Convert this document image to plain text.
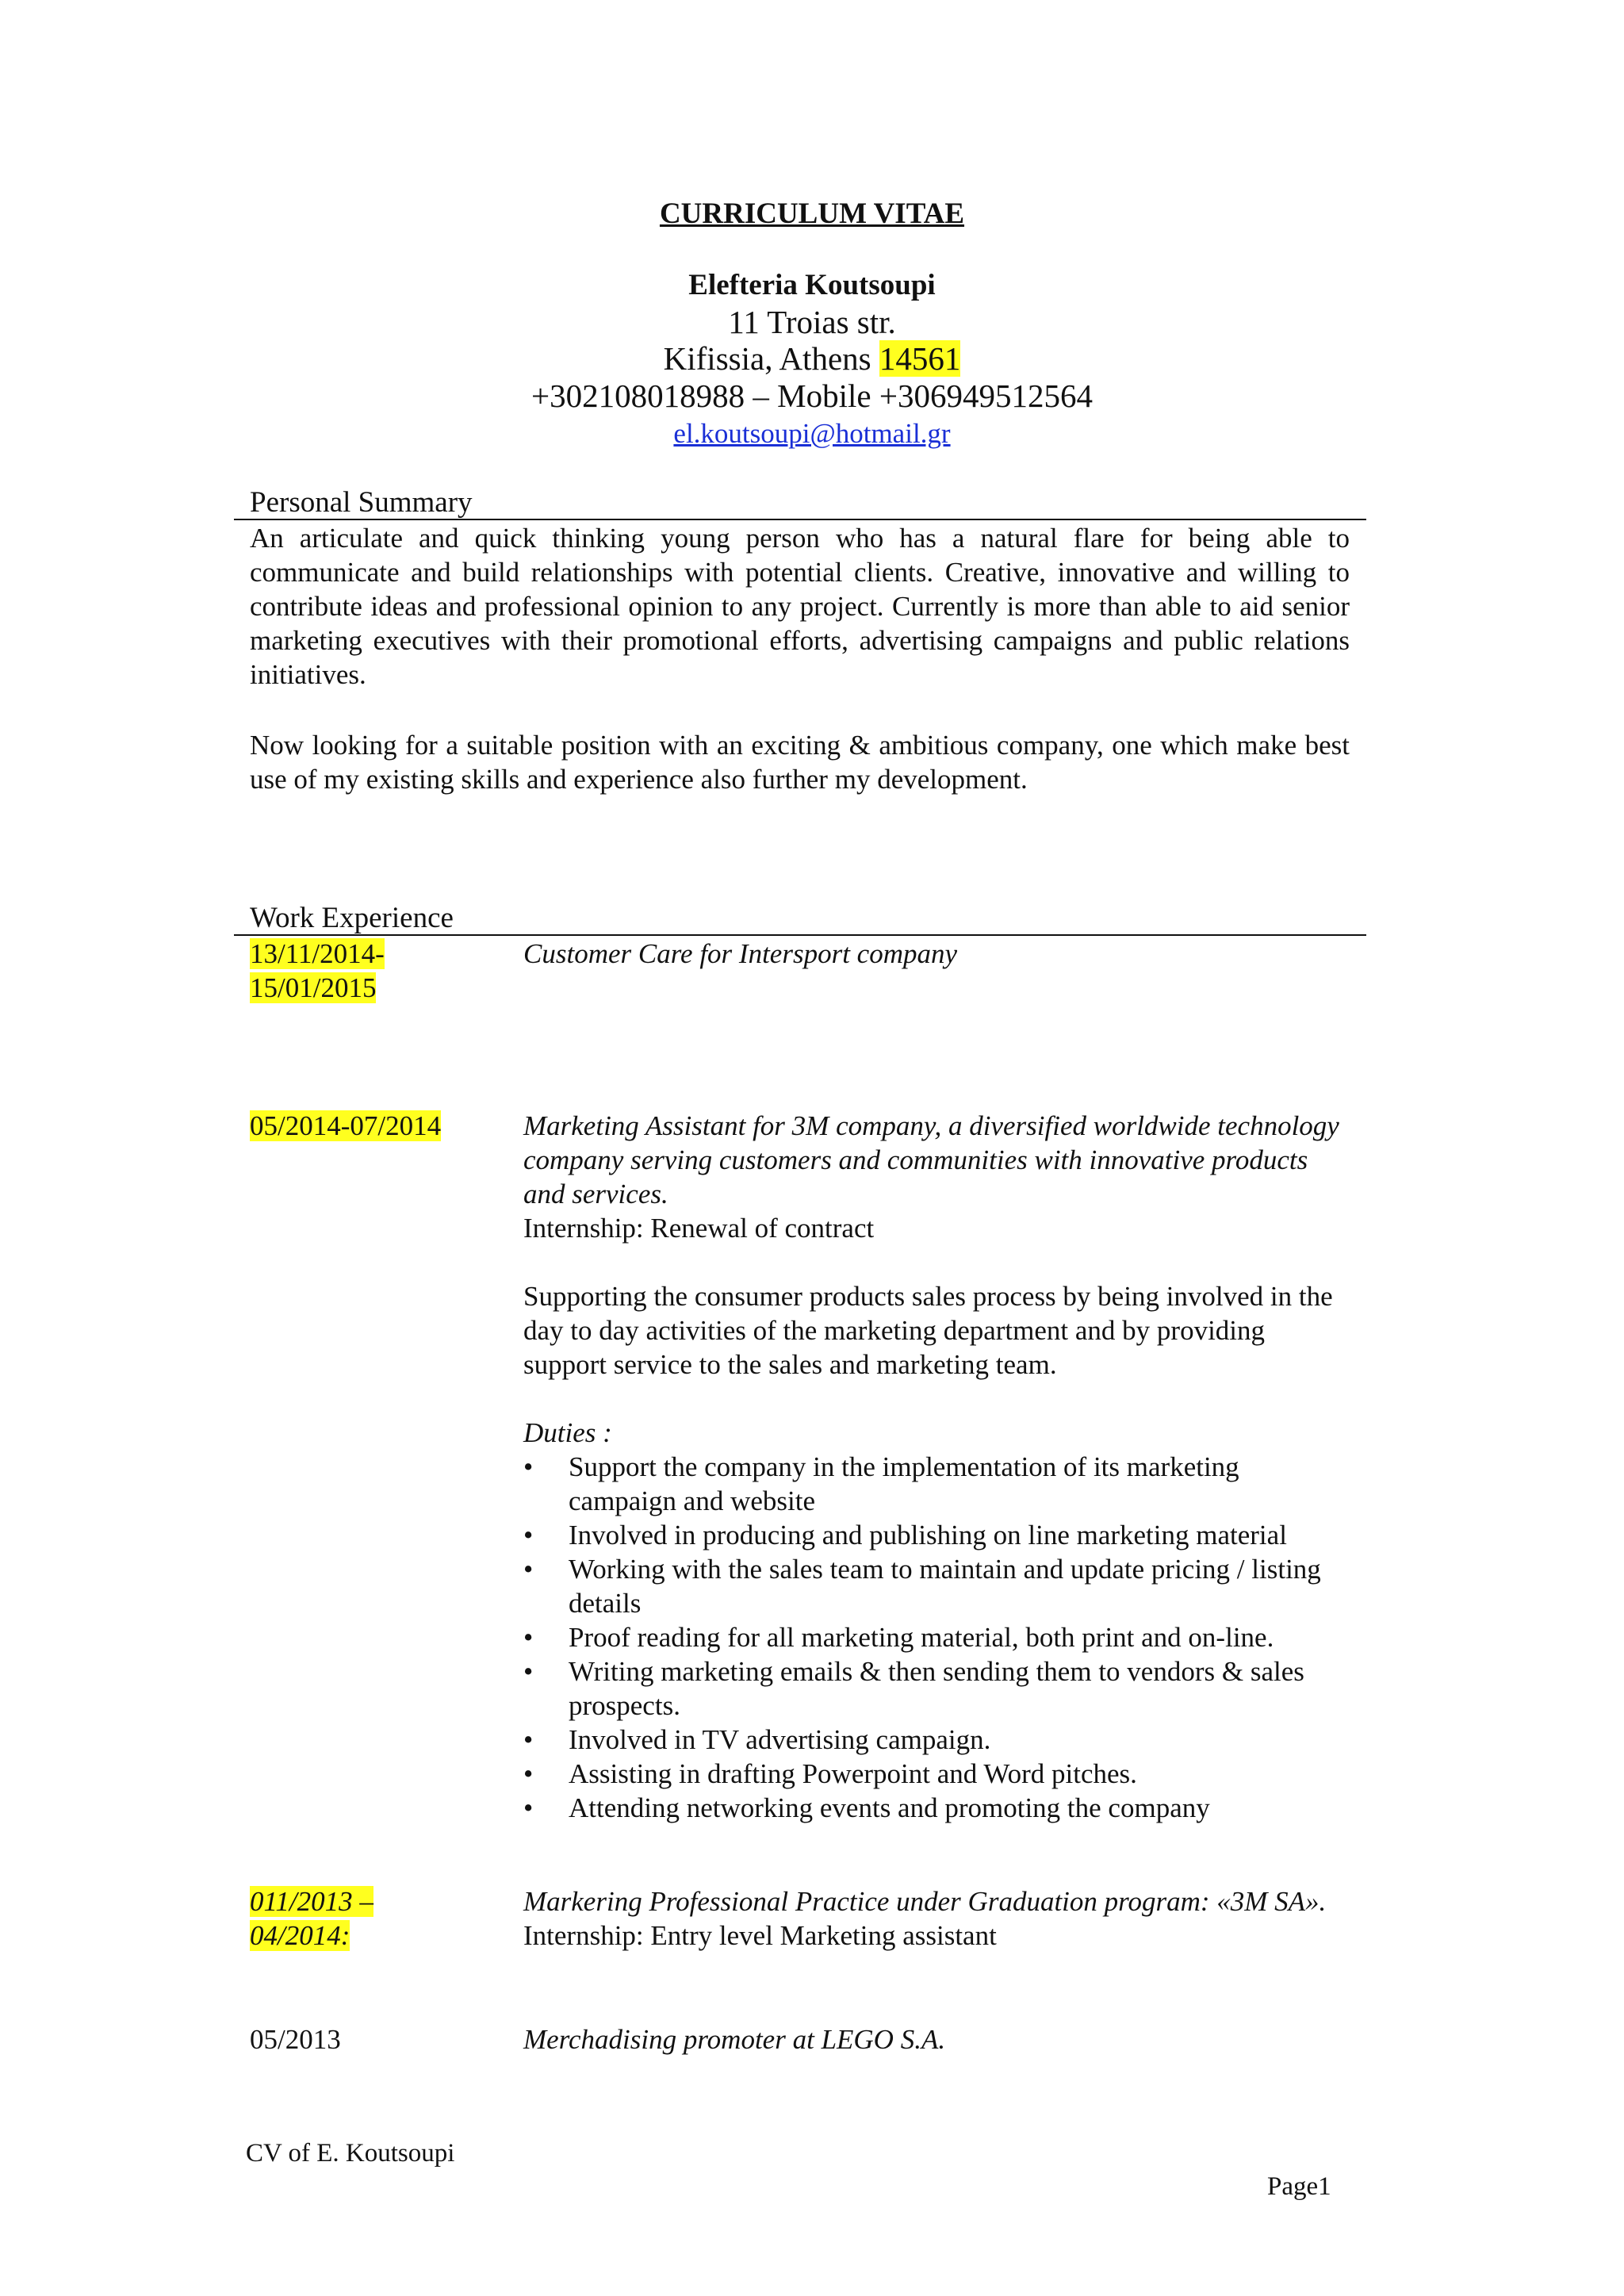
CURRICULUM VITAE
Elefteria Koutsoupi
11 Troias str.
Kifissia, Athens 14561
+302108018988 – Mobile +306949512564
el.koutsoupi@hotmail.gr
Personal Summary
An articulate and quick thinking young person who has a natural flare for being able to communicate and build relationships with potential clients. Creative, innovative and willing to contribute ideas and professional opinion to any project. Currently is more than able to aid senior marketing executives with their promotional efforts, advertising campaigns and public relations initiatives.
Now looking for a suitable position with an exciting & ambitious company, one which make best use of my existing skills and experience also further my development.
Work Experience
13/11/2014-
15/01/2015
Customer Care for Intersport company
05/2014-07/2014	Marketing Assistant for 3M company, a diversified worldwide technology company serving customers and communities with innovative products and services.
Internship: Renewal of contract
Supporting the consumer products sales process by being involved in the day to day activities of the marketing department and by providing support service to the sales and marketing team.
Duties :
• Support the company in the implementation of its marketing campaign and website
• Involved in producing and publishing on line marketing material
• Working with the sales team to maintain and update pricing / listing details
• Proof reading for all marketing material, both print and on-line.
• Writing marketing emails & then sending them to vendors & sales prospects.
• Involved in TV advertising campaign.
• Assisting in drafting Powerpoint and Word pitches.
• Attending networking events and promoting the company
011/2013 –
04/2014:
Markering Professional Practice under Graduation program: «3M SA».
Internship: Entry level Marketing assistant
05/2013	Merchadising promoter at LEGO S.A.
CV of E. Koutsoupi
Page1
